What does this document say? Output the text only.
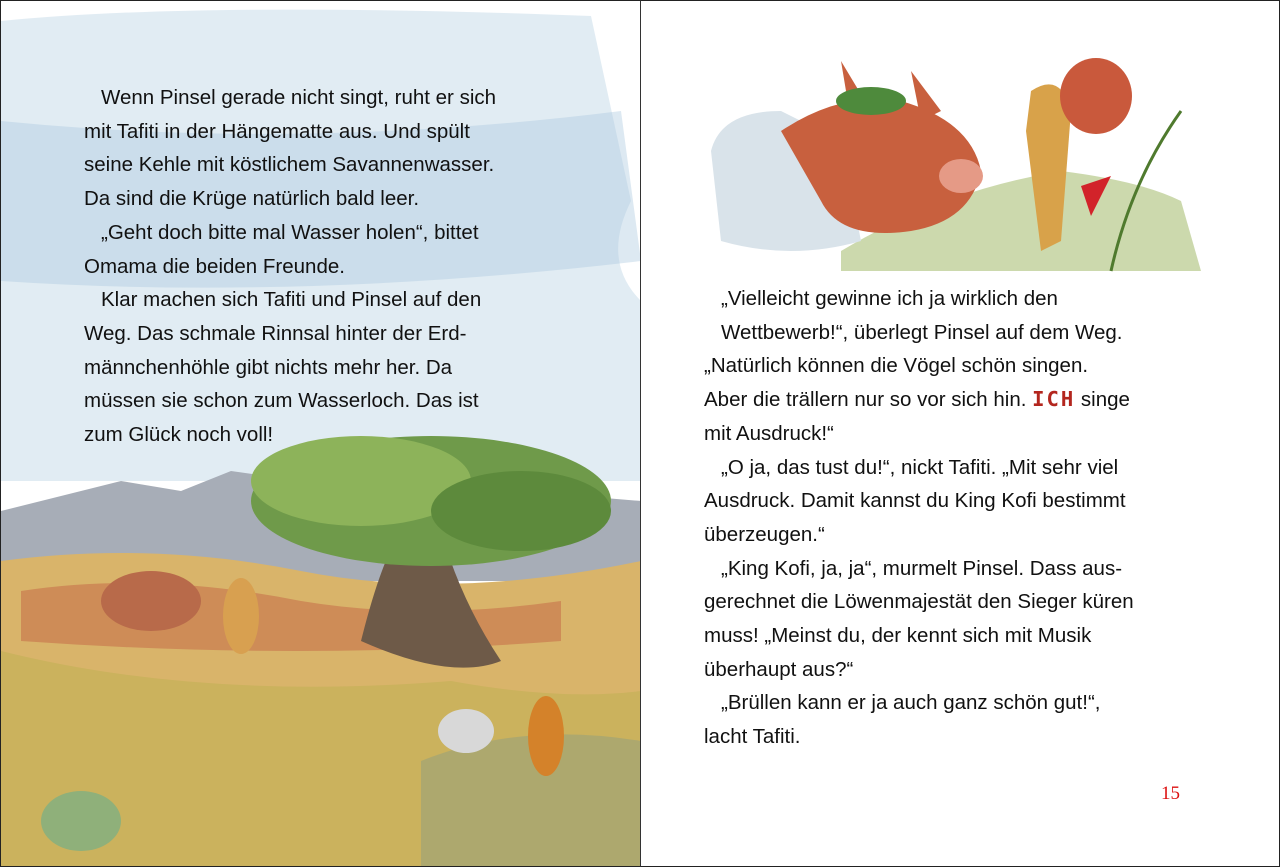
Wenn Pinsel gerade nicht singt, ruht er sich
mit Tafiti in der Hängematte aus. Und spült
seine Kehle mit köstlichem Savannenwasser.
Da sind die Krüge natürlich bald leer.
„Geht doch bitte mal Wasser holen“, bittet
Omama die beiden Freunde.
Klar machen sich Tafiti und Pinsel auf den
Weg. Das schmale Rinnsal hinter der Erd-
männchenhöhle gibt nichts mehr her. Da
müssen sie schon zum Wasserloch. Das ist
zum Glück noch voll!

„Vielleicht gewinne ich ja wirklich den
Wettbewerb!“, überlegt Pinsel auf dem Weg.

„Natürlich können die Vögel schön singen.
Aber die trällern nur so vor sich hin. ICH singe
mit Ausdruck!“

„O ja, das tust du!“, nickt Tafiti. „Mit sehr viel

Ausdruck. Damit kannst du King Kofi bestimmt
überzeugen.“

„King Kofi, ja, ja“, murmelt Pinsel. Dass aus-

gerechnet die Löwenmajestät den Sieger küren
muss! „Meinst du, der kennt sich mit Musik
überhaupt aus?“

„Brüllen kann er ja auch ganz schön gut!“,

lacht Tafiti.

15
